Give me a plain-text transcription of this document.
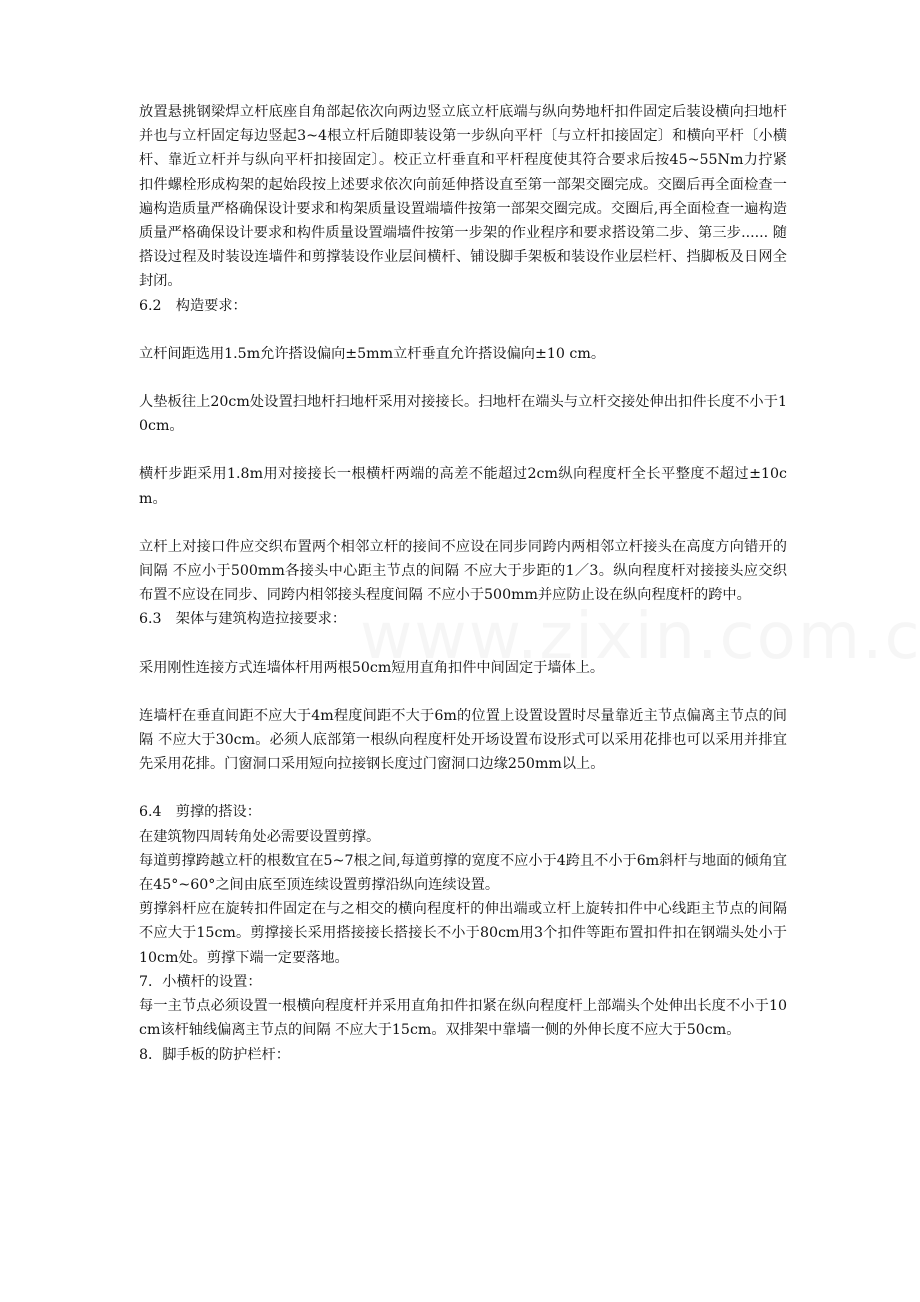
放置悬挑钢梁焊立杆底座自角部起依次向两边竖立底立杆底端与纵向势地杆扣件固定后装设横向扫地杆并也与立杆固定每边竖起3~4根立杆后随即装设第一步纵向平杆〔与立杆扣接固定〕和横向平杆〔小横杆、靠近立杆并与纵向平杆扣接固定〕。校正立杆垂直和平杆程度使其符合要求后按45~55Nm力拧紧扣件螺栓形成构架的起始段按上述要求依次向前延伸搭设直至第一部架交圈完成。交圈后再全面检查一遍构造质量严格确保设计要求和构架质量设置端墙件按第一部架交圈完成。交圈后,再全面检查一遍构造质量严格确保设计要求和构件质量设置端墙件按第一步架的作业程序和要求搭设第二步、第三步...... 随搭设过程及时装设连墙件和剪撑装设作业层间横杆、铺设脚手架板和装设作业层栏杆、挡脚板及日网全封闭。

6.2　构造要求：

立杆间距选用1.5m允许搭设偏向±5mm立杆垂直允许搭设偏向±10 cm。

人垫板往上20cm处设置扫地杆扫地杆采用对接接长。扫地杆在端头与立杆交接处伸出扣件长度不小于10cm。

横杆步距采用1.8m用对接接长一根横杆两端的高差不能超过2cm纵向程度杆全长平整度不超过±10cm。

立杆上对接口件应交织布置两个相邻立杆的接间不应设在同步同跨内两相邻立杆接头在高度方向错开的间隔 不应小于500mm各接头中心距主节点的间隔 不应大于步距的1／3。纵向程度杆对接接头应交织布置不应设在同步、同跨内相邻接头程度间隔 不应小于500mm并应防止设在纵向程度杆的跨中。

6.3　架体与建筑构造拉接要求：

采用刚性连接方式连墙体杆用两根50cm短用直角扣件中间固定于墙体上。

连墙杆在垂直间距不应大于4m程度间距不大于6m的位置上设置设置时尽量靠近主节点偏离主节点的间隔 不应大于30cm。必须人底部第一根纵向程度杆处开场设置布设形式可以采用花排也可以采用并排宜先采用花排。门窗洞口采用短向拉接钢长度过门窗洞口边缘250mm以上。

6.4　剪撑的搭设：

在建筑物四周转角处必需要设置剪撑。

每道剪撑跨越立杆的根数宜在5~7根之间,每道剪撑的宽度不应小于4跨且不小于6m斜杆与地面的倾角宜在45°~60°之间由底至顶连续设置剪撑沿纵向连续设置。

剪撑斜杆应在旋转扣件固定在与之相交的横向程度杆的伸出端或立杆上旋转扣件中心线距主节点的间隔 不应大于15cm。剪撑接长采用搭接接长搭接长不小于80cm用3个扣件等距布置扣件扣在钢端头处小于10cm处。剪撑下端一定要落地。

7．小横杆的设置：

每一主节点必须设置一根横向程度杆并采用直角扣件扣紧在纵向程度杆上部端头个处伸出长度不小于10cm该杆轴线偏离主节点的间隔 不应大于15cm。双排架中靠墙一侧的外伸长度不应大于50cm。

8．脚手板的防护栏杆：
